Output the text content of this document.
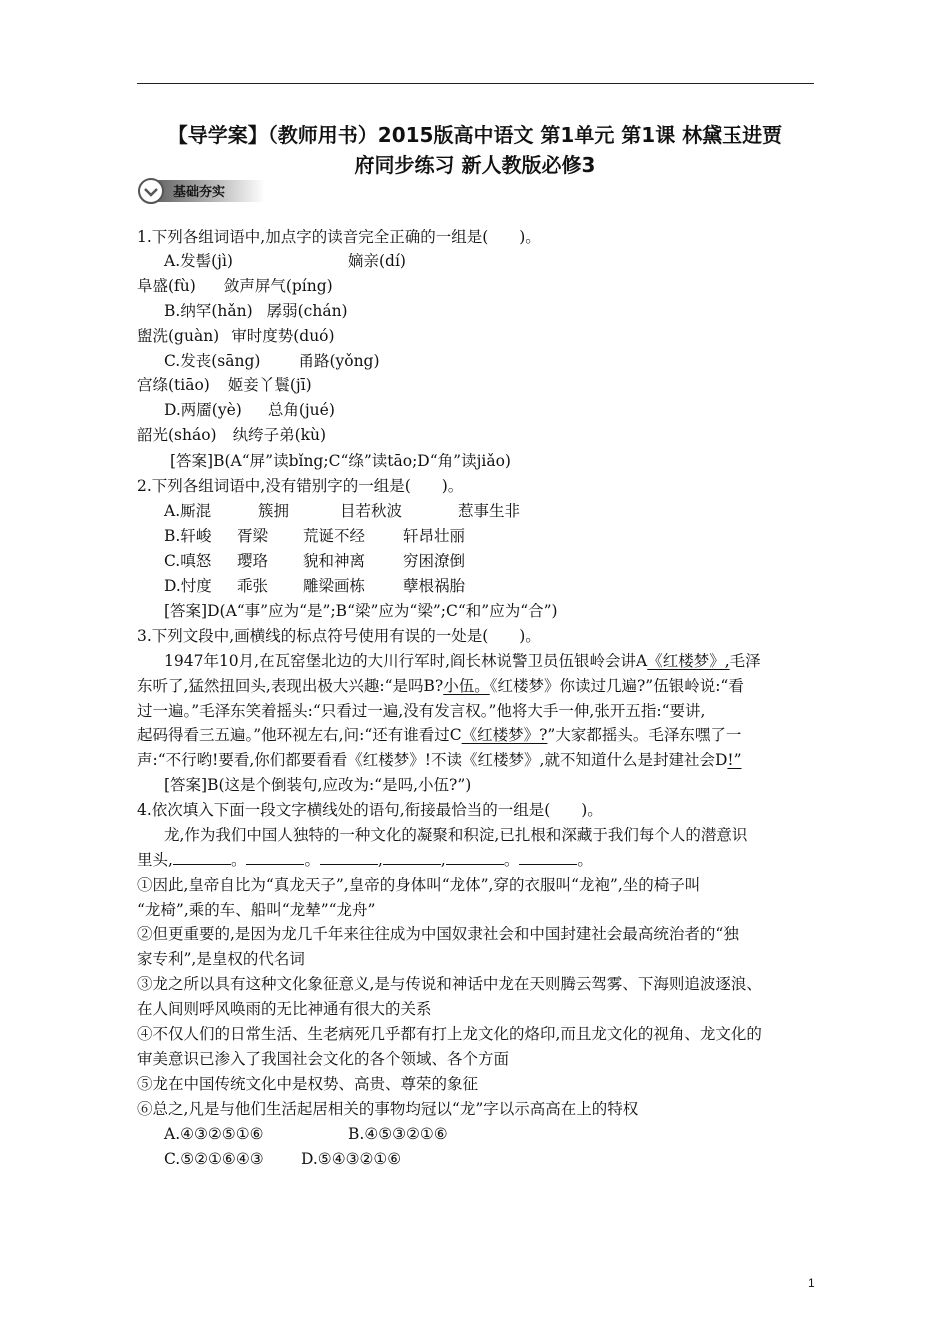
【导学案】（教师用书）2015版高中语文 第1单元 第1课 林黛玉进贾
府同步练习 新人教版必修3
基础夯实
1.下列各组词语中,加点字的读音完全正确的一组是(　　)。
A.发髻(jì)	嫡亲(dí)
阜盛(fù) 敛声屏气(píng)
B.纳罕(hǎn) 孱弱(chán)
盥洗(guàn) 审时度势(duó)
C.发丧(sāng) 甬路(yǒng)
宫绦(tiāo) 姬妾丫鬟(jī)
D.两靥(yè) 总角(jué)
韶光(sháo) 纨绔子弟(kù)
[答案]B(A“屏”读bǐng;C“绦”读tāo;D“角”读jiǎo)
2.下列各组词语中,没有错别字的一组是(　　)。
A.厮混	簇拥	目若秋波	惹事生非
B.轩峻 胥梁 荒诞不经 轩昂壮丽
C.嗔怒 璎珞 貌和神离 穷困潦倒
D.忖度 乖张 雕梁画栋 孽根祸胎
[答案]D(A“事”应为“是”;B“梁”应为“梁”;C“和”应为“合”)
3.下列文段中,画横线的标点符号使用有误的一处是(　　)。
1947年10月,在瓦窑堡北边的大川行军时,阎长林说警卫员伍银岭会讲A《红楼梦》,毛泽
东听了,猛然扭回头,表现出极大兴趣:“是吗B?小伍。《红楼梦》你读过几遍?”伍银岭说:“看
过一遍。”毛泽东笑着摇头:“只看过一遍,没有发言权。”他将大手一伸,张开五指:“要讲,
起码得看三五遍。”他环视左右,问:“还有谁看过C《红楼梦》?”大家都摇头。毛泽东嘿了一
声:“不行哟!要看,你们都要看看《红楼梦》!不读《红楼梦》,就不知道什么是封建社会D!”
[答案]B(这是个倒装句,应改为:“是吗,小伍?”)
4.依次填入下面一段文字横线处的语句,衔接最恰当的一组是(　　)。
龙,作为我们中国人独特的一种文化的凝聚和积淀,已扎根和深藏于我们每个人的潜意识
里头,	。	。	,	,	。	。
①因此,皇帝自比为“真龙天子”,皇帝的身体叫“龙体”,穿的衣服叫“龙袍”,坐的椅子叫
“龙椅”,乘的车、船叫“龙辇”“龙舟”
②但更重要的,是因为龙几千年来往往成为中国奴隶社会和中国封建社会最高统治者的“独
家专利”,是皇权的代名词
③龙之所以具有这种文化象征意义,是与传说和神话中龙在天则腾云驾雾、下海则追波逐浪、
在人间则呼风唤雨的无比神通有很大的关系
④不仅人们的日常生活、生老病死几乎都有打上龙文化的烙印,而且龙文化的视角、龙文化的
审美意识已渗入了我国社会文化的各个领域、各个方面
⑤龙在中国传统文化中是权势、高贵、尊荣的象征
⑥总之,凡是与他们生活起居相关的事物均冠以“龙”字以示高高在上的特权
A.④③②⑤①⑥	B.④⑤③②①⑥
C.⑤②①⑥④③ D.⑤④③②①⑥
1
